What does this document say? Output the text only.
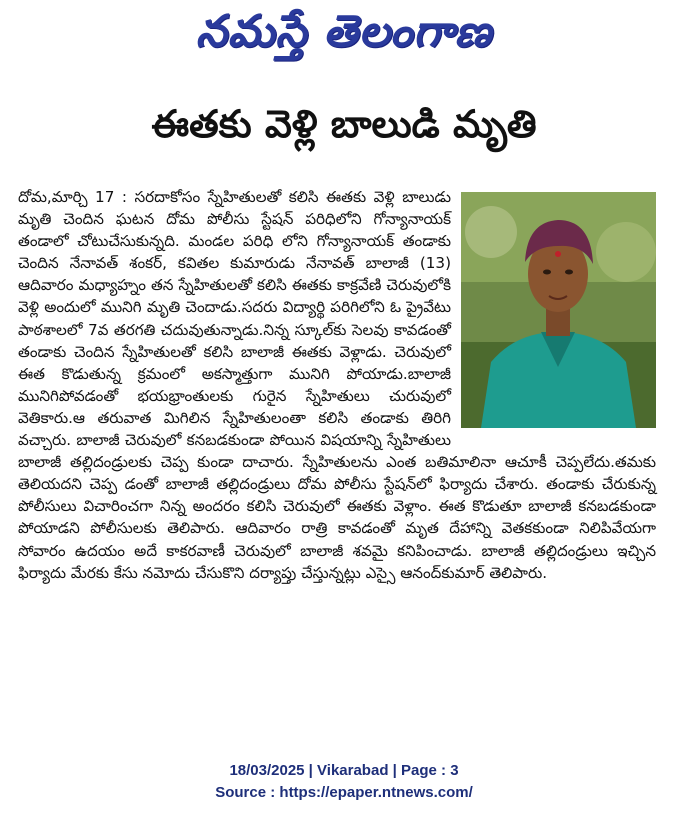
నమస్తే తెలంగాణ
ఈతకు వెళ్లి బాలుడి మృతి
దోమ,మార్చి 17 : సరదాకోసం స్నేహితులతో కలిసి ఈతకు వెళ్లి బాలుడు మృతి చెందిన ఘటన దోమ పోలీసు స్టేషన్ పరిధిలోని గోన్యానాయక్ తండాలో చోటుచేసుకున్నది. మండల పరిధి లోని గోన్యానాయక్ తండాకు చెందిన నేనావత్ శంకర్, కవితల కుమారుడు నేనావత్ బాలాజీ (13) ఆదివారం మధ్యాహ్నం తన స్నేహితులతో కలిసి ఈతకు కాక్రవేణి చెరువులోకి వెళ్లి అందులో మునిగి మృతి చెందాడు.సదరు విద్యార్థి పరిగిలోని ఓ ప్రైవేటు పాఠశాలలో 7వ తరగతి చదువుతున్నాడు.నిన్న స్కూల్‌కు సెలవు కావడంతో తండాకు చెందిన స్నేహితులతో కలిసి బాలాజీ ఈతకు వెళ్లాడు. చెరువులో ఈత కొడుతున్న క్రమంలో అకస్మాత్తుగా మునిగి పోయాడు.బాలాజీ మునిగిపోవడంతో భయభ్రాంతులకు గురైన స్నేహితులు చురువులో వెతికారు.ఆ తరువాత మిగిలిన స్నేహితులంతా కలిసి తండాకు తిరిగి వచ్చారు. బాలాజీ చెరువులో కనబడకుండా పోయిన విషయాన్ని స్నేహితులు బాలాజీ తల్లిదండ్రులకు చెప్ప కుండా దాచారు. స్నేహితులను ఎంత బతిమాలినా ఆచూకీ చెప్పలేదు.తమకు తెలియదని చెప్ప డంతో బాలాజీ తల్లిదండ్రులు దోమ పోలీసు స్టేషన్‌లో ఫిర్యాదు చేశారు. తండాకు చేరుకున్న పోలీసులు విచారించగా నిన్న అందరం కలిసి చెరువులో ఈతకు వెళ్లాం. ఈత కొడుతూ బాలాజీ కనబడకుండా పోయాడని పోలీసులకు తెలిపారు. ఆదివారం రాత్రి కావడంతో మృత దేహాన్ని వెతకకుండా నిలిపివేయగా సోవారం ఉదయం అదే కాకరవాణీ చెరువులో బాలాజీ శవమై కనిపించాడు. బాలాజీ తల్లిదండ్రులు ఇచ్చిన ఫిర్యాదు మేరకు కేసు నమోదు చేసుకొని దర్యాప్తు చేస్తున్నట్లు ఎస్సై ఆనంద్‌కుమార్ తెలిపారు.
18/03/2025 | Vikarabad | Page : 3
Source : https://epaper.ntnews.com/
